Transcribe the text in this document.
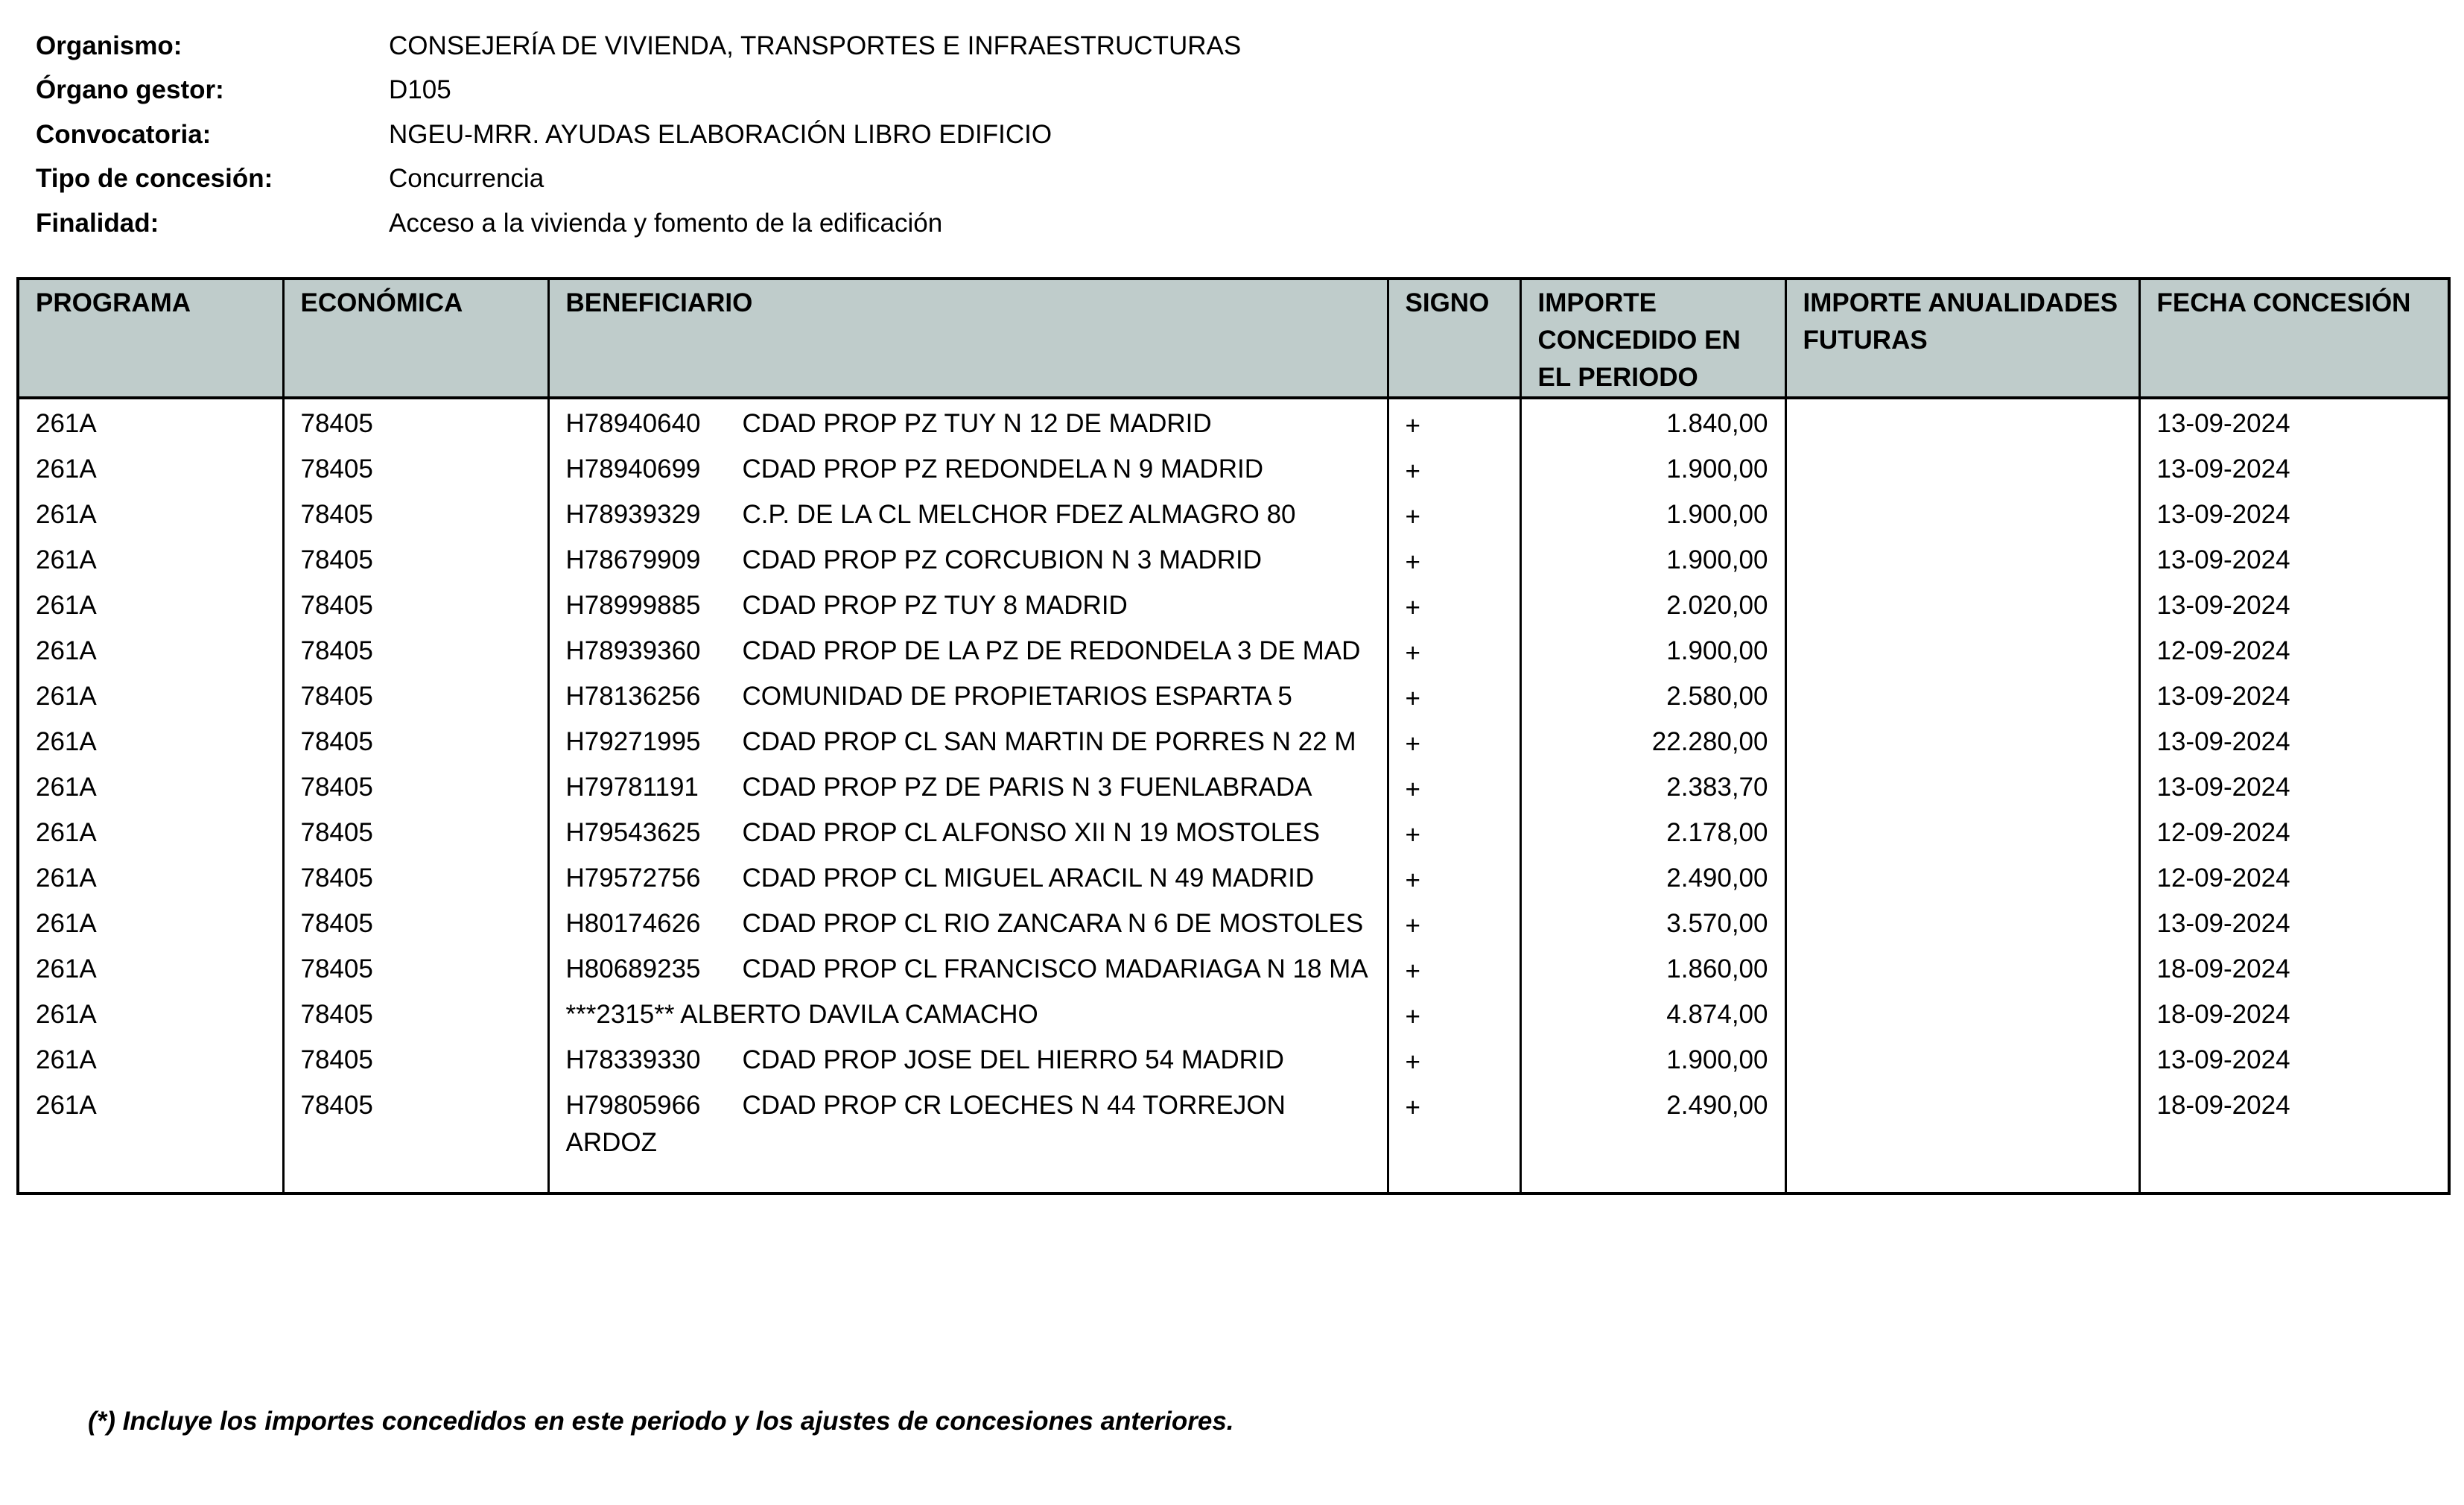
Organismo:	CONSEJERÍA DE VIVIENDA, TRANSPORTES E INFRAESTRUCTURAS
Órgano gestor:	D105
Convocatoria:	NGEU-MRR. AYUDAS ELABORACIÓN LIBRO EDIFICIO
Tipo de concesión:	Concurrencia
Finalidad:	Acceso a la vivienda y fomento de la edificación
PROGRAMA	ECONÓMICA	BENEFICIARIO	SIGNO	IMPORTE CONCEDIDO EN EL PERIODO	IMPORTE ANUALIDADES FUTURAS	FECHA CONCESIÓN
261A	78405	H78940640 CDAD PROP PZ TUY N 12 DE MADRID	+	1.840,00		13-09-2024
261A	78405	H78940699 CDAD PROP PZ REDONDELA N 9 MADRID	+	1.900,00		13-09-2024
261A	78405	H78939329 C.P. DE LA CL MELCHOR FDEZ ALMAGRO 80	+	1.900,00		13-09-2024
261A	78405	H78679909 CDAD PROP PZ CORCUBION N 3 MADRID	+	1.900,00		13-09-2024
261A	78405	H78999885 CDAD PROP PZ TUY 8 MADRID	+	2.020,00		13-09-2024
261A	78405	H78939360 CDAD PROP DE LA PZ DE REDONDELA 3 DE MAD	+	1.900,00		12-09-2024
261A	78405	H78136256 COMUNIDAD DE PROPIETARIOS ESPARTA 5	+	2.580,00		13-09-2024
261A	78405	H79271995 CDAD PROP CL SAN MARTIN DE PORRES N 22 M	+	22.280,00		13-09-2024
261A	78405	H79781191 CDAD PROP PZ DE PARIS N 3 FUENLABRADA	+	2.383,70		13-09-2024
261A	78405	H79543625 CDAD PROP CL ALFONSO XII N 19 MOSTOLES	+	2.178,00		12-09-2024
261A	78405	H79572756 CDAD PROP CL MIGUEL ARACIL N 49 MADRID	+	2.490,00		12-09-2024
261A	78405	H80174626 CDAD PROP CL RIO ZANCARA N 6 DE MOSTOLES	+	3.570,00		13-09-2024
261A	78405	H80689235 CDAD PROP CL FRANCISCO MADARIAGA N 18 MA	+	1.860,00		18-09-2024
261A	78405	***2315** ALBERTO DAVILA CAMACHO	+	4.874,00		18-09-2024
261A	78405	H78339330 CDAD PROP JOSE DEL HIERRO 54 MADRID	+	1.900,00		13-09-2024
261A	78405	H79805966 CDAD PROP CR LOECHES N 44 TORREJON ARDOZ	+	2.490,00		18-09-2024

(*) Incluye los importes concedidos en este periodo y los ajustes de concesiones anteriores.
